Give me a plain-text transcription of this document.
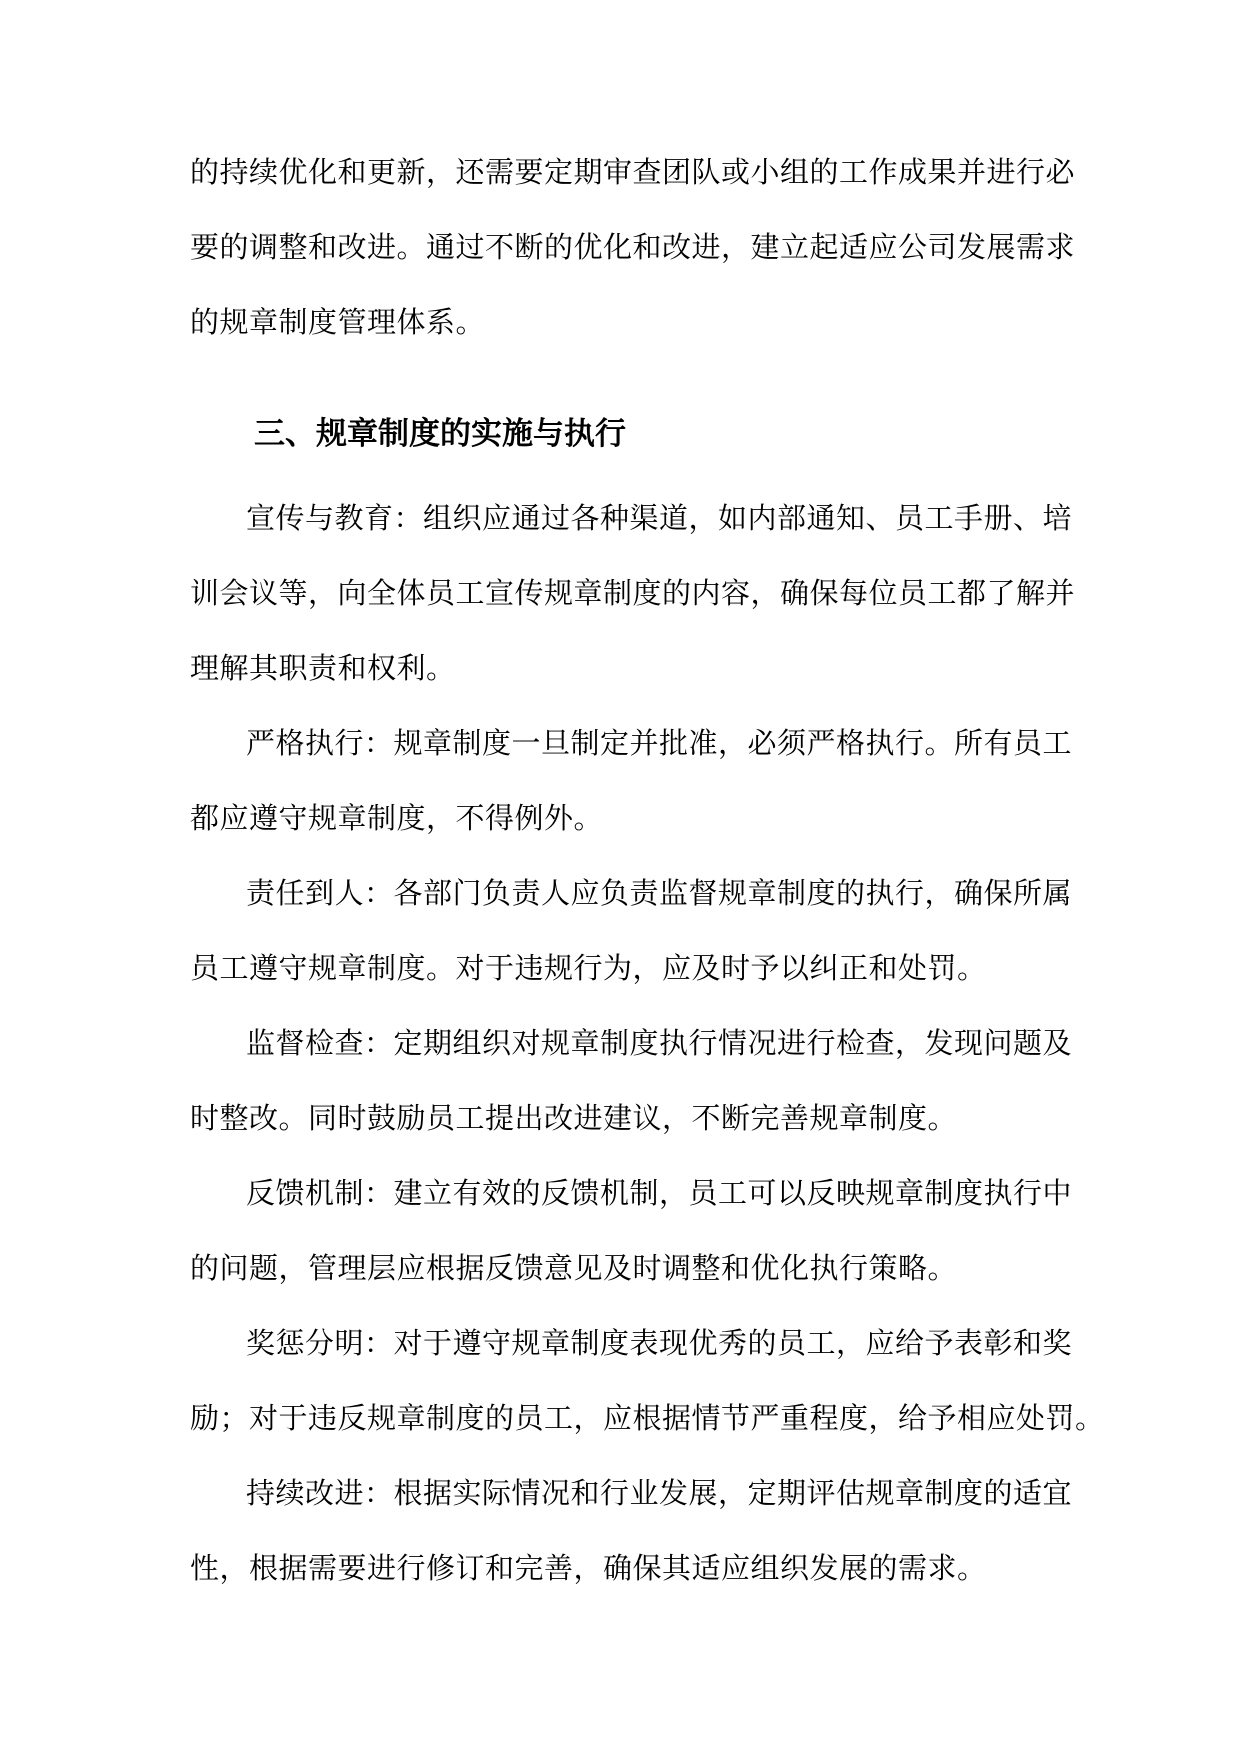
的持续优化和更新，还需要定期审查团队或小组的工作成果并进行必
要的调整和改进。通过不断的优化和改进，建立起适应公司发展需求
的规章制度管理体系。
三、规章制度的实施与执行
宣传与教育：组织应通过各种渠道，如内部通知、员工手册、培
训会议等，向全体员工宣传规章制度的内容，确保每位员工都了解并
理解其职责和权利。
严格执行：规章制度一旦制定并批准，必须严格执行。所有员工
都应遵守规章制度，不得例外。
责任到人：各部门负责人应负责监督规章制度的执行，确保所属
员工遵守规章制度。对于违规行为，应及时予以纠正和处罚。
监督检查：定期组织对规章制度执行情况进行检查，发现问题及
时整改。同时鼓励员工提出改进建议，不断完善规章制度。
反馈机制：建立有效的反馈机制，员工可以反映规章制度执行中
的问题，管理层应根据反馈意见及时调整和优化执行策略。
奖惩分明：对于遵守规章制度表现优秀的员工，应给予表彰和奖
励；对于违反规章制度的员工，应根据情节严重程度，给予相应处罚。
持续改进：根据实际情况和行业发展，定期评估规章制度的适宜
性，根据需要进行修订和完善，确保其适应组织发展的需求。
